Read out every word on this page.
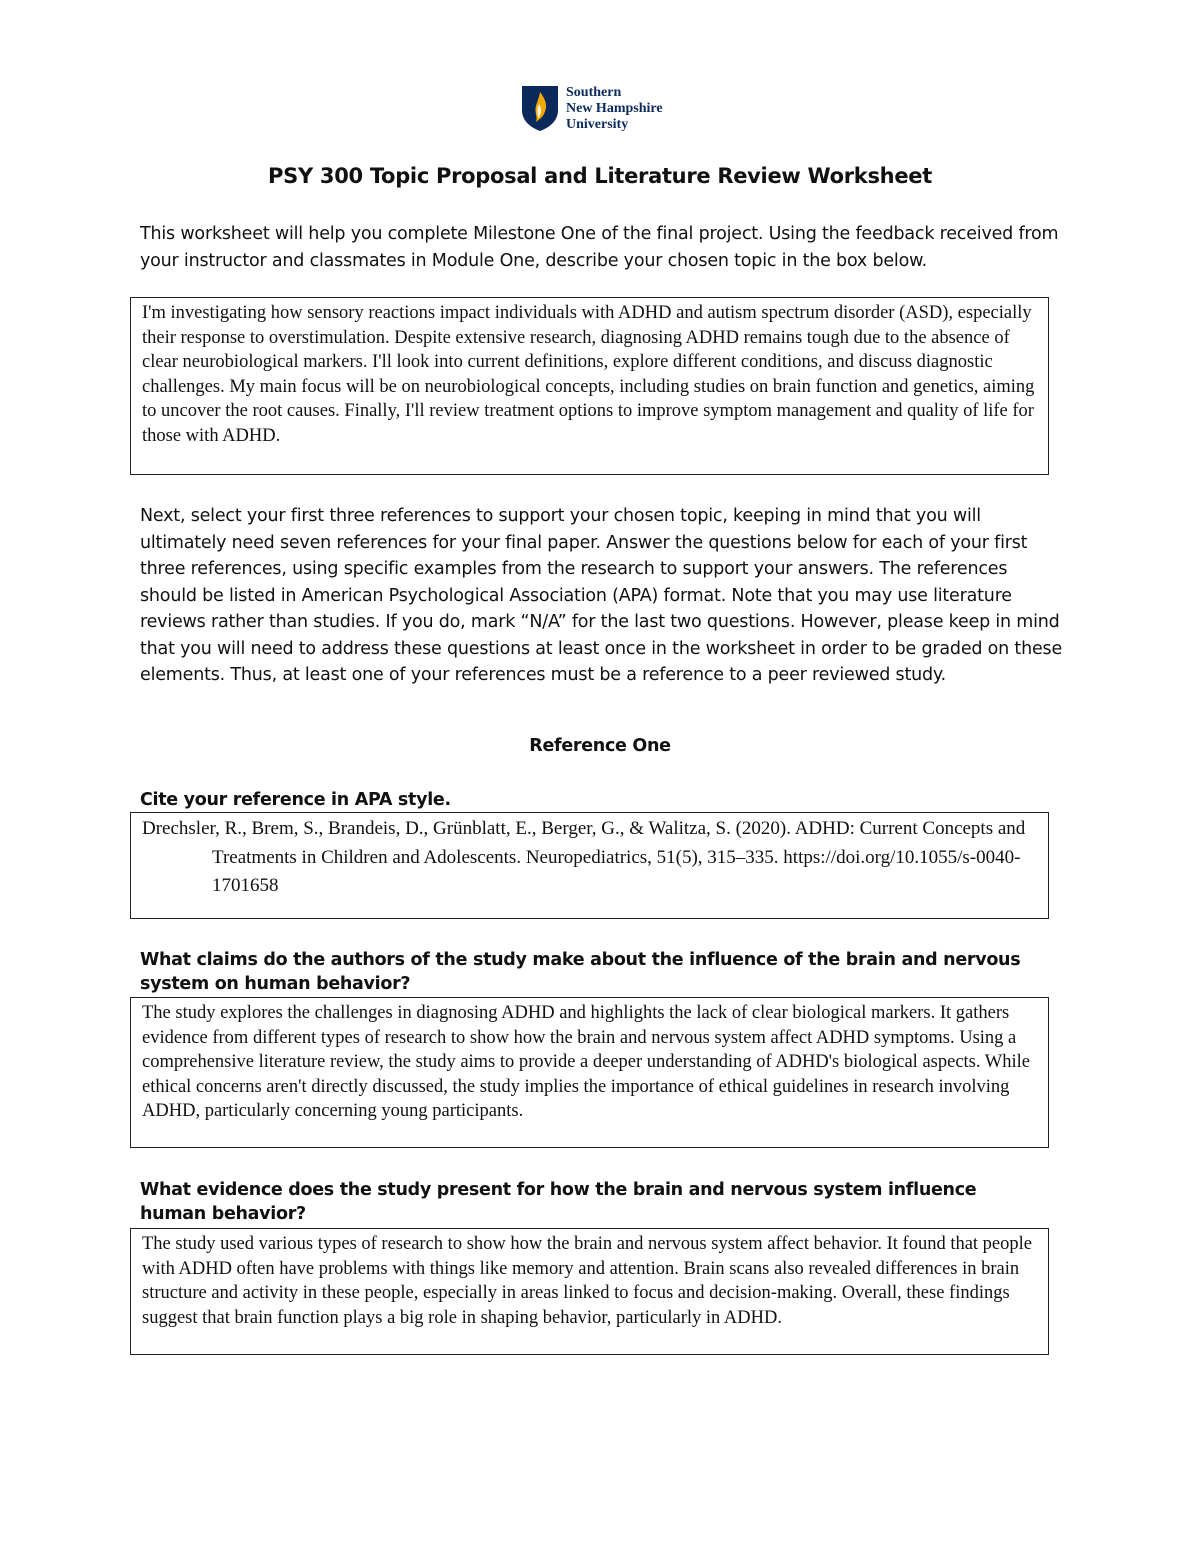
Southern
New Hampshire
University
PSY 300 Topic Proposal and Literature Review Worksheet
This worksheet will help you complete Milestone One of the final project. Using the feedback received from your instructor and classmates in Module One, describe your chosen topic in the box below.
I'm investigating how sensory reactions impact individuals with ADHD and autism spectrum disorder (ASD), especially their response to overstimulation. Despite extensive research, diagnosing ADHD remains tough due to the absence of clear neurobiological markers. I'll look into current definitions, explore different conditions, and discuss diagnostic challenges. My main focus will be on neurobiological concepts, including studies on brain function and genetics, aiming to uncover the root causes. Finally, I'll review treatment options to improve symptom management and quality of life for those with ADHD.
Next, select your first three references to support your chosen topic, keeping in mind that you will ultimately need seven references for your final paper. Answer the questions below for each of your first three references, using specific examples from the research to support your answers. The references should be listed in American Psychological Association (APA) format. Note that you may use literature reviews rather than studies. If you do, mark “N/A” for the last two questions. However, please keep in mind that you will need to address these questions at least once in the worksheet in order to be graded on these elements. Thus, at least one of your references must be a reference to a peer reviewed study.
Reference One
Cite your reference in APA style.

Drechsler, R., Brem, S., Brandeis, D., Grünblatt, E., Berger, G., & Walitza, S. (2020). ADHD: Current Concepts and Treatments in Children and Adolescents. Neuropediatrics, 51(5), 315–335. https://doi.org/10.1055/s-0040-1701658

What claims do the authors of the study make about the influence of the brain and nervous system on human behavior?
The study explores the challenges in diagnosing ADHD and highlights the lack of clear biological markers. It gathers evidence from different types of research to show how the brain and nervous system affect ADHD symptoms. Using a comprehensive literature review, the study aims to provide a deeper understanding of ADHD's biological aspects. While ethical concerns aren't directly discussed, the study implies the importance of ethical guidelines in research involving ADHD, particularly concerning young participants.
What evidence does the study present for how the brain and nervous system influence human behavior?
The study used various types of research to show how the brain and nervous system affect behavior. It found that people with ADHD often have problems with things like memory and attention. Brain scans also revealed differences in brain structure and activity in these people, especially in areas linked to focus and decision-making. Overall, these findings suggest that brain function plays a big role in shaping behavior, particularly in ADHD.
